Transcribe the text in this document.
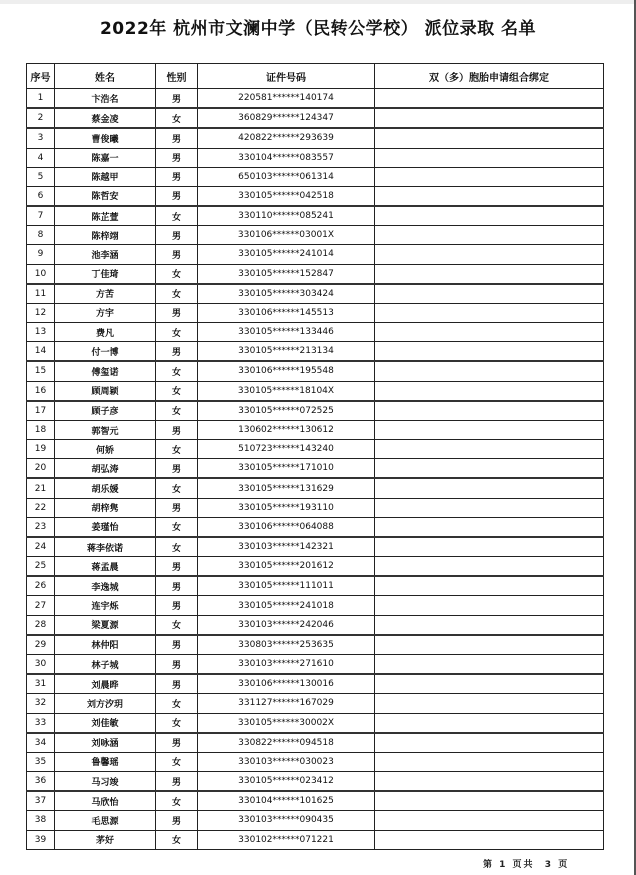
2022年 杭州市文澜中学（民转公学校） 派位录取 名单
序号	姓名	性别	证件号码	双（多）胞胎申请组合绑定
1	卞浩名	男	220581******140174	
2	蔡金凌	女	360829******124347	
3	曹俊曦	男	420822******293639	
4	陈嘉一	男	330104******083557	
5	陈越甲	男	650103******061314	
6	陈哲安	男	330105******042518	
7	陈芷萱	女	330110******085241	
8	陈梓翊	男	330106******03001X	
9	池李涵	男	330105******241014	
10	丁佳琦	女	330105******152847	
11	方苦	女	330105******303424	
12	方宇	男	330106******145513	
13	费凡	女	330105******133446	
14	付一博	男	330105******213134	
15	傅玺诺	女	330106******195548	
16	顾周颖	女	330105******18104X	
17	顾子彦	女	330105******072525	
18	郭智元	男	130602******130612	
19	何娇	女	510723******143240	
20	胡弘涛	男	330105******171010	
21	胡乐媛	女	330105******131629	
22	胡梓隽	男	330105******193110	
23	姜瑾怡	女	330106******064088	
24	蒋李依诺	女	330103******142321	
25	蒋孟晨	男	330105******201612	
26	李逸城	男	330105******111011	
27	连宇烁	男	330105******241018	
28	梁夏源	女	330103******242046	
29	林仲阳	男	330803******253635	
30	林子城	男	330103******271610	
31	刘晨晔	男	330106******130016	
32	刘方汐玥	女	331127******167029	
33	刘佳敏	女	330105******30002X	
34	刘咏涵	男	330822******094518	
35	鲁馨瑶	女	330103******030023	
36	马习竣	男	330105******023412	
37	马欣怡	女	330104******101625	
38	毛思源	男	330103******090435	
39	茅好	女	330102******071221	
第 1 页共  3 页
